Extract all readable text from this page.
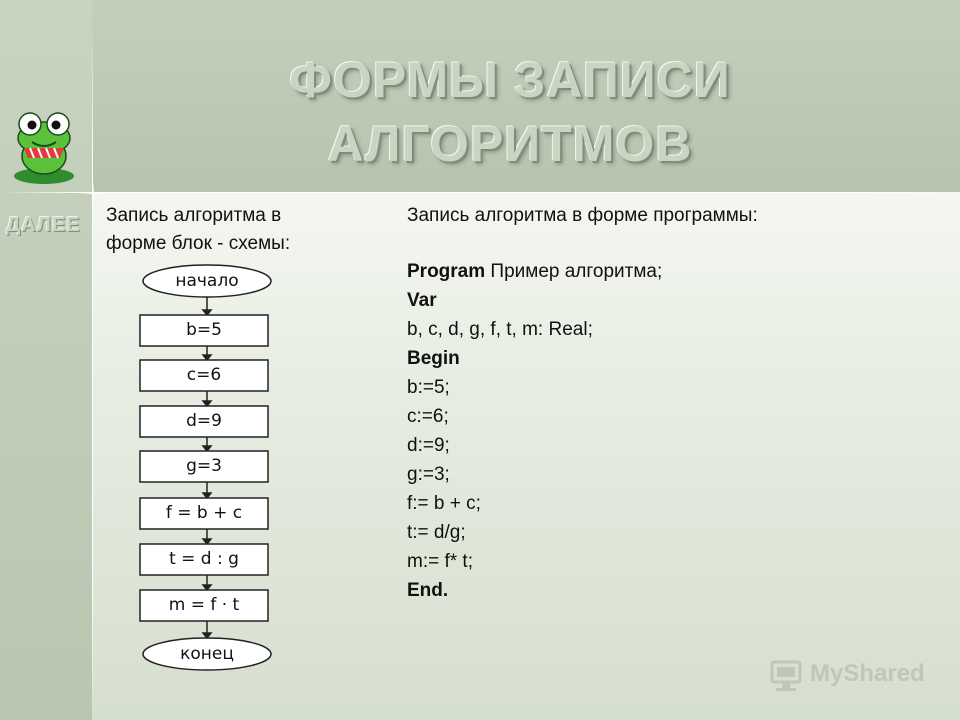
ФОРМЫ ЗАПИСИ
АЛГОРИТМОВ
ДАЛЕЕ Запись алгоритма в
форме блок - схемы:
начало
b=5
c=6
d=9
g=3
f = b + c
t = d : g
m = f · t
конец
Запись алгоритма в форме программы:
Program Пример алгоритма;
Var
b, c, d, g, f, t, m: Real;
Begin
b:=5;
c:=6;
d:=9;
g:=3;
f:= b + c;
t:= d/g;
m:= f* t;
End.
MyShared
